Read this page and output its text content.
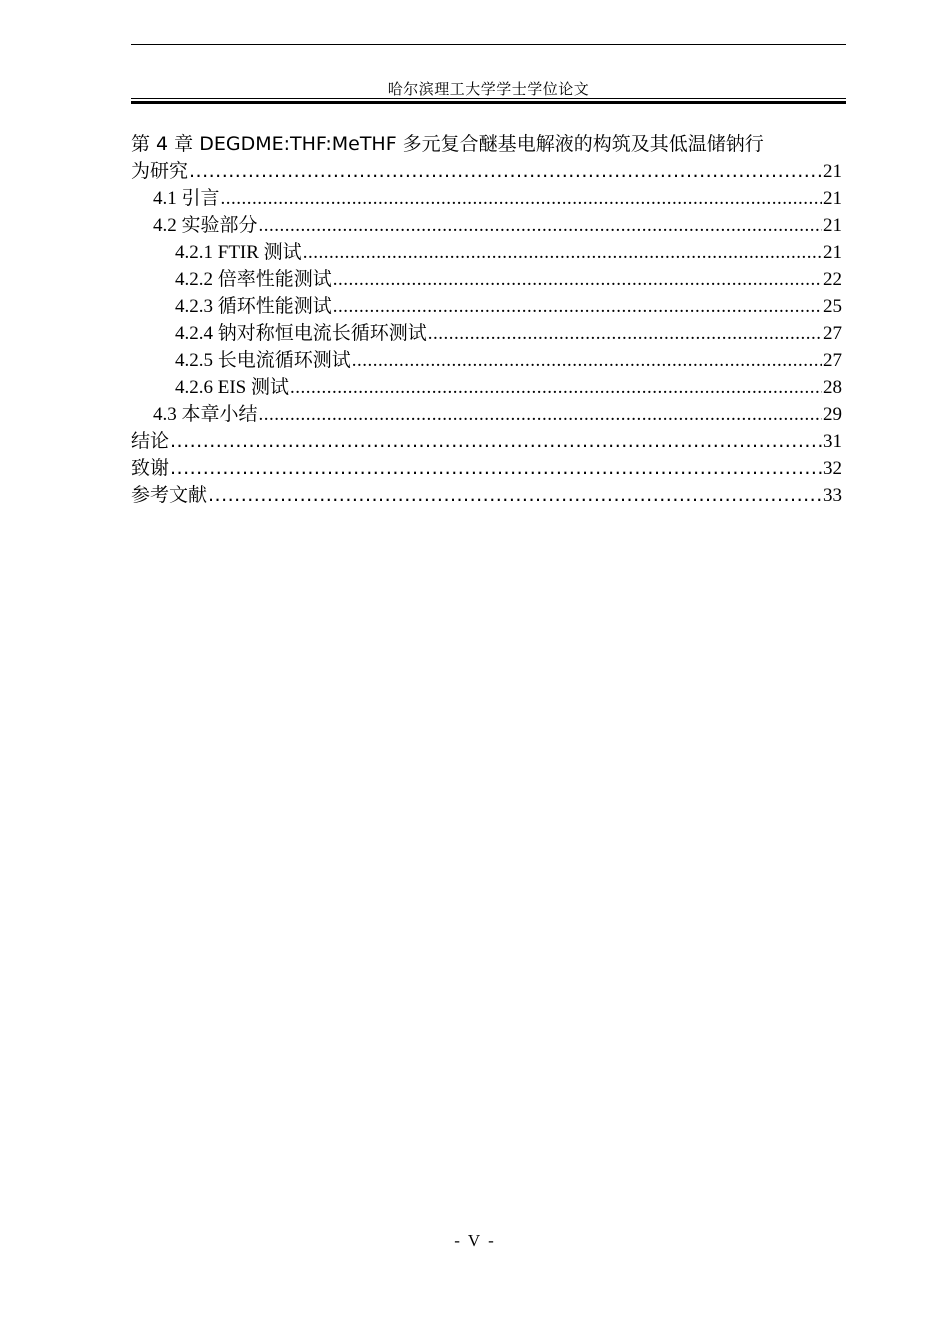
哈尔滨理工大学学士学位论文
第 4 章 DEGDME:THF:MeTHF 多元复合醚基电解液的构筑及其低温储钠行
为研究 .....	21
4.1 引言 .....	21
4.2 实验部分 .....	21
4.2.1 FTIR 测试 .....	21
4.2.2 倍率性能测试 .....	22
4.2.3 循环性能测试 .....	25
4.2.4 钠对称恒电流长循环测试 .....	27
4.2.5 长电流循环测试 .....	27
4.2.6 EIS 测试 .....	28
4.3 本章小结 .....	29
结论 .....	31
致谢 .....	32
参考文献 .....	33
- V -
